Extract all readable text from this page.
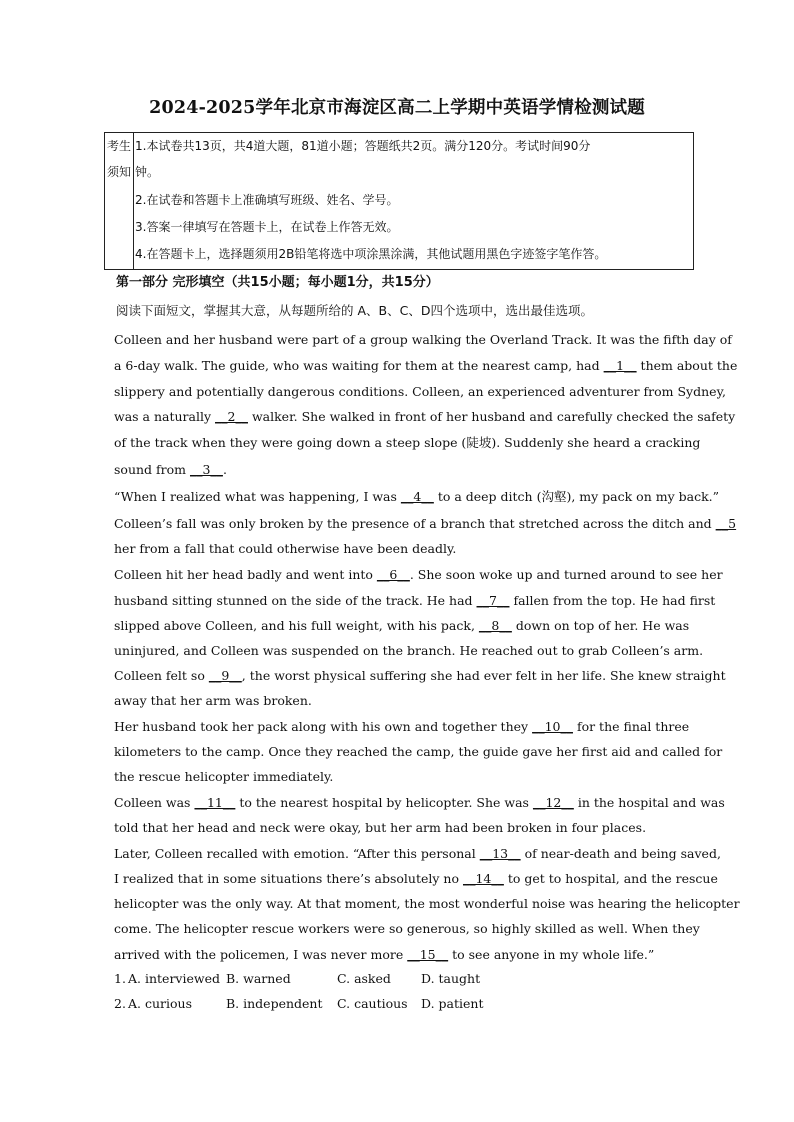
2024-2025学年北京市海淀区高二上学期中英语学情检测试题
考生
须知
1.本试卷共13页，共4道大题，81道小题；答题纸共2页。满分120分。考试时间90分
钟。
2.在试卷和答题卡上准确填写班级、姓名、学号。
3.答案一律填写在答题卡上，在试卷上作答无效。
4.在答题卡上，选择题须用2B铅笔将选中项涂黑涂满，其他试题用黑色字迹签字笔作答。
第一部分 完形填空（共15小题；每小题1分，共15分）
阅读下面短文，掌握其大意，从每题所给的 A、B、C、D四个选项中，选出最佳选项。
Colleen and her husband were part of a group walking the Overland Track. It was the fifth day of
a 6-day walk. The guide, who was waiting for them at the nearest camp, had __1__ them about the
slippery and potentially dangerous conditions. Colleen, an experienced adventurer from Sydney,
was a naturally __2__ walker. She walked in front of her husband and carefully checked the safety
of the track when they were going down a steep slope (陡坡). Suddenly she heard a cracking
sound from __3__.
“When I realized what was happening, I was __4__ to a deep ditch (沟壑), my pack on my back.”
Colleen’s fall was only broken by the presence of a branch that stretched across the ditch and __5
her from a fall that could otherwise have been deadly.
Colleen hit her head badly and went into __6__. She soon woke up and turned around to see her
husband sitting stunned on the side of the track. He had __7__ fallen from the top. He had first
slipped above Colleen, and his full weight, with his pack, __8__ down on top of her. He was
uninjured, and Colleen was suspended on the branch. He reached out to grab Colleen’s arm.
Colleen felt so __9__, the worst physical suffering she had ever felt in her life. She knew straight
away that her arm was broken.
Her husband took her pack along with his own and together they __10__ for the final three
kilometers to the camp. Once they reached the camp, the guide gave her first aid and called for
the rescue helicopter immediately.
Colleen was __11__ to the nearest hospital by helicopter. She was __12__ in the hospital and was
told that her head and neck were okay, but her arm had been broken in four places.
Later, Colleen recalled with emotion. “After this personal __13__ of near-death and being saved,
I realized that in some situations there’s absolutely no __14__ to get to hospital, and the rescue
helicopter was the only way. At that moment, the most wonderful noise was hearing the helicopter
come. The helicopter rescue workers were so generous, so highly skilled as well. When they
arrived with the policemen, I was never more __15__ to see anyone in my whole life.”
1. A. interviewed B. warned	C. asked D. taught
2. A. curious	B. independent C. cautious D. patient
